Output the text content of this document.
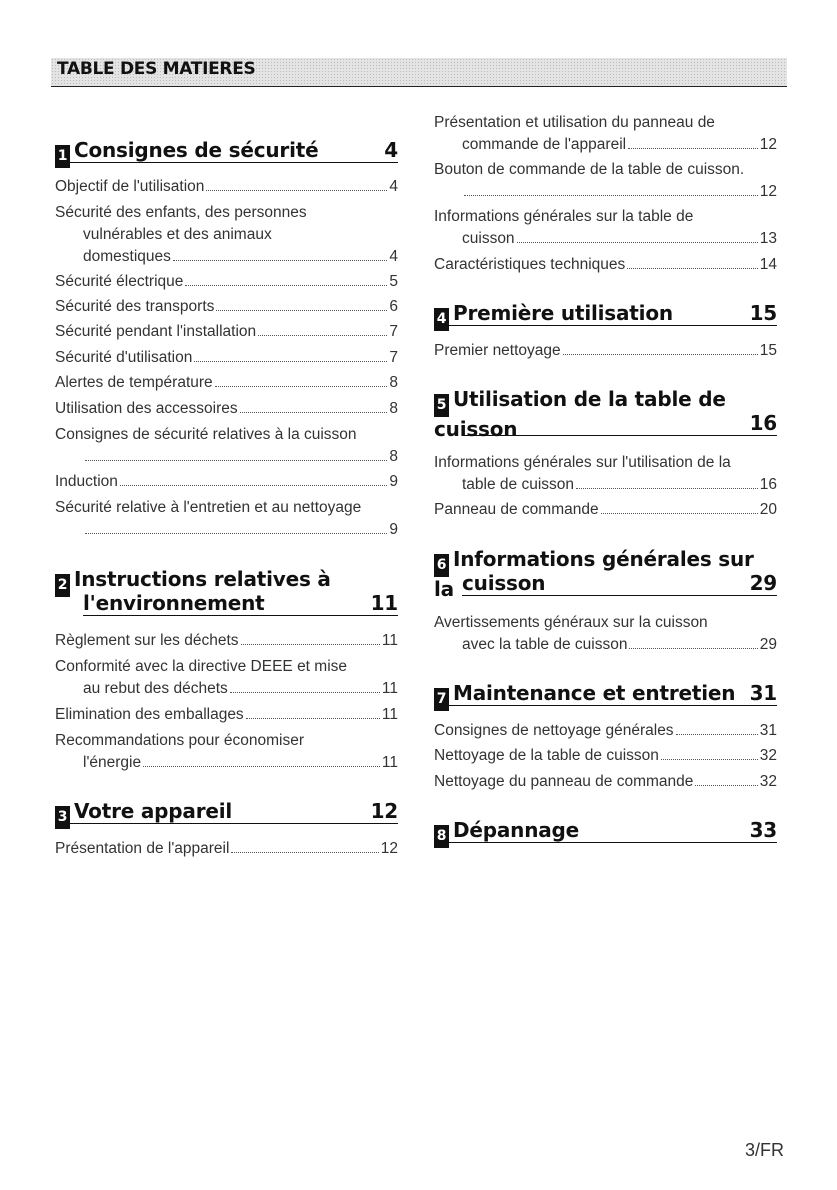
TABLE DES MATIERES
1 Consignes de sécurité	4
Objectif de l'utilisation	4
Sécurité des enfants, des personnes
vulnérables et des animaux
domestiques	4
Sécurité électrique	5
Sécurité des transports	6
Sécurité pendant l'installation	7
Sécurité d'utilisation	7
Alertes de température	8
Utilisation des accessoires	8
Consignes de sécurité relatives à la cuisson
8
Induction	9
Sécurité relative à l'entretien et au nettoyage
9
2 Instructions relatives à
l'environnement	11
Règlement sur les déchets	11
Conformité avec la directive DEEE et mise
au rebut des déchets	11
Elimination des emballages	11
Recommandations pour économiser
l'énergie	11
3 Votre appareil	12
Présentation de l'appareil	12
Présentation et utilisation du panneau de
commande de l'appareil	12
Bouton de commande de la table de cuisson.
12
Informations générales sur la table de
cuisson	13
Caractéristiques techniques	14
4 Première utilisation	15
Premier nettoyage	15
5 Utilisation de la table de cuisson	16
Informations générales sur l'utilisation de la
table de cuisson	16
Panneau de commande	20
6 Informations générales sur la cuisson	29
Avertissements généraux sur la cuisson
avec la table de cuisson	29
7 Maintenance et entretien 31
Consignes de nettoyage générales	31
Nettoyage de la table de cuisson	32
Nettoyage du panneau de commande	32
8 Dépannage	33
3/FR
